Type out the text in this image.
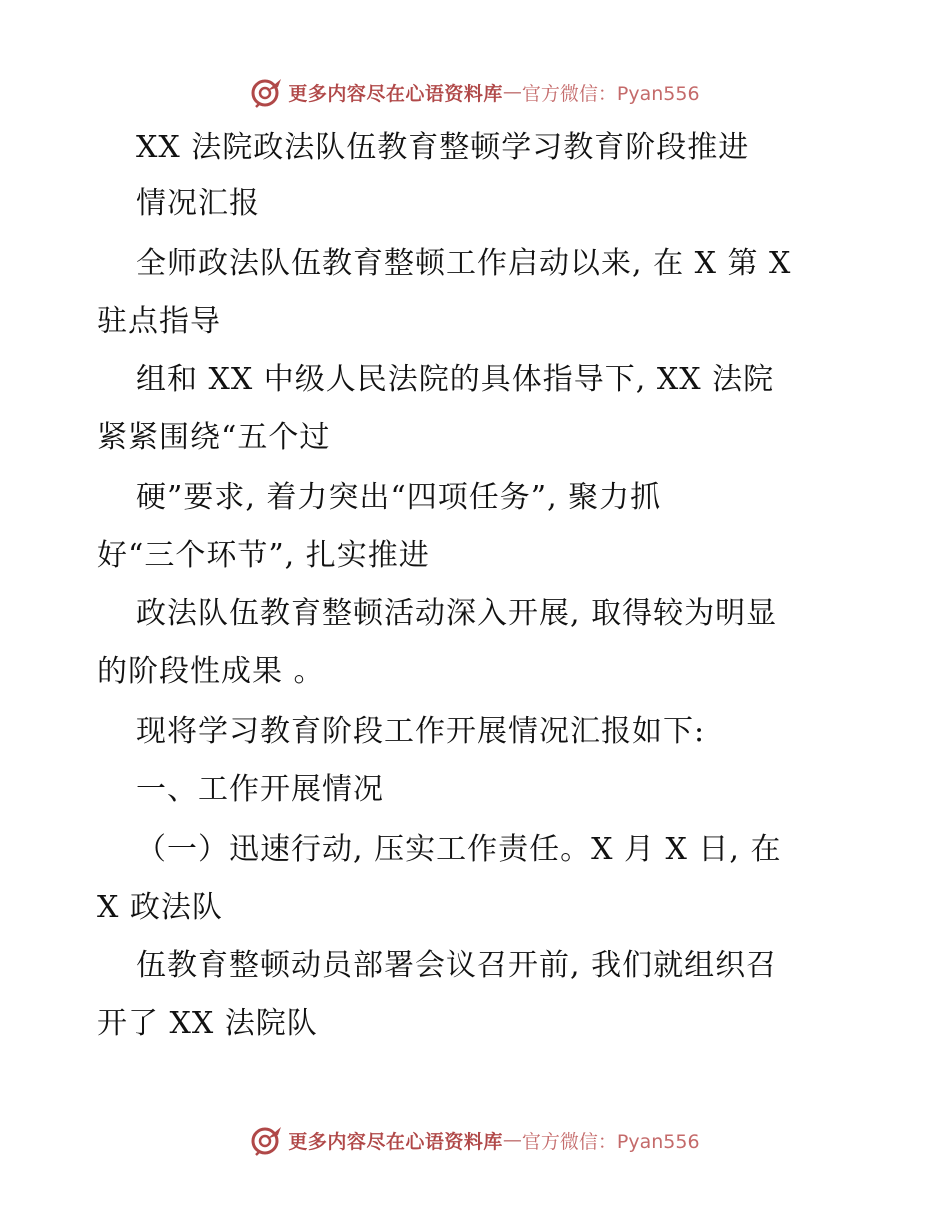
更多内容尽在心语资料库 — 官方微信：Pyan556
XX 法院政法队伍教育整顿学习教育阶段推进
情况汇报
全师政法队伍教育整顿工作启动以来, 在 X 第 X
驻点指导
组和 XX 中级人民法院的具体指导下, XX 法院
紧紧围绕“五个过
硬”要求, 着力突出“四项任务”, 聚力抓
好“三个环节”, 扎实推进
政法队伍教育整顿活动深入开展, 取得较为明显
的阶段性成果 。
现将学习教育阶段工作开展情况汇报如下:
一、工作开展情况
（一）迅速行动, 压实工作责任。X 月 X 日, 在
X 政法队
伍教育整顿动员部署会议召开前, 我们就组织召
开了 XX 法院队
更多内容尽在心语资料库 — 官方微信：Pyan556
